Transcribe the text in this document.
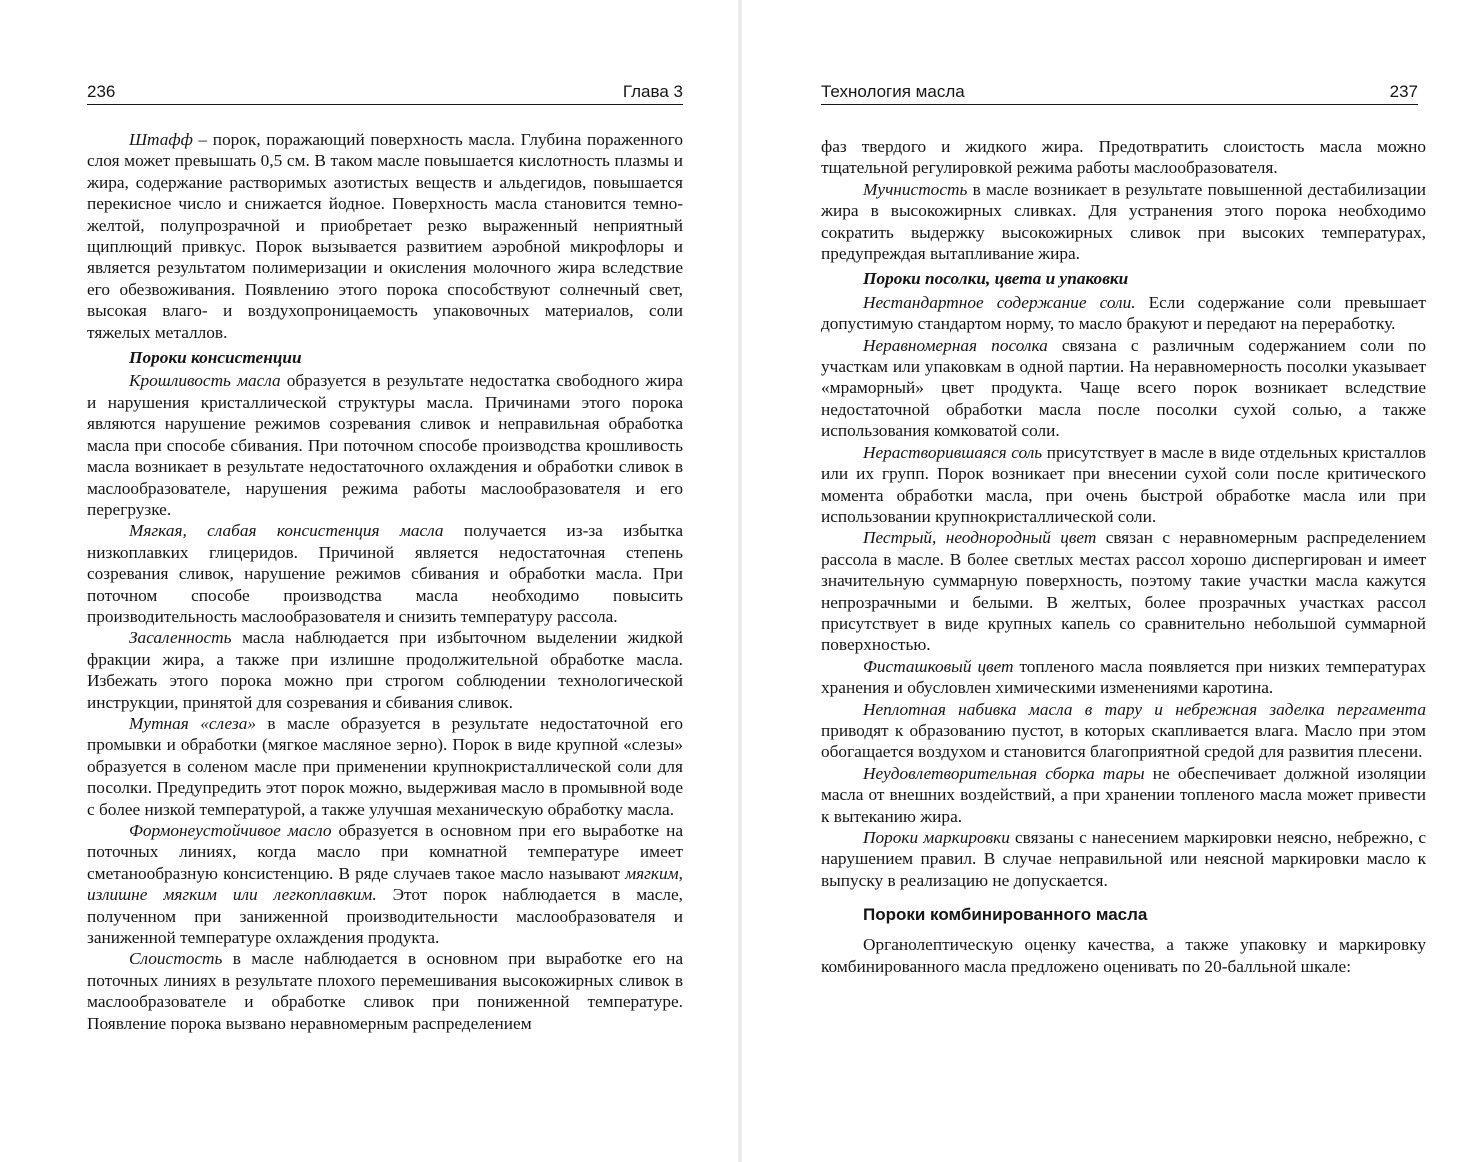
236	Глава 3

Штафф – порок, поражающий поверхность масла. Глубина пораженного слоя может превышать 0,5 см. В таком масле повышается кислотность плазмы и жира, содержание растворимых азотистых веществ и альдегидов, повышается перекисное число и снижается йодное. Поверхность масла становится темно-желтой, полупрозрачной и приобретает резко выраженный неприятный щиплющий привкус. Порок вызывается развитием аэробной микрофлоры и является результатом полимеризации и окисления молочного жира вследствие его обезвоживания. Появлению этого порока способствуют солнечный свет, высокая влаго- и воздухопроницаемость упаковочных материалов, соли тяжелых металлов.

Пороки консистенции

Крошливость масла образуется в результате недостатка свободного жира и нарушения кристаллической структуры масла. Причинами этого порока являются нарушение режимов созревания сливок и неправильная обработка масла при способе сбивания. При поточном способе производства крошливость масла возникает в результате недостаточного охлаждения и обработки сливок в маслообразователе, нарушения режима работы маслообразователя и его перегрузке.

Мягкая, слабая консистенция масла получается из-за избытка низкоплавких глицеридов. Причиной является недостаточная степень созревания сливок, нарушение режимов сбивания и обработки масла. При поточном способе производства масла необходимо повысить производительность маслообразователя и снизить температуру рассола.

Засаленность масла наблюдается при избыточном выделении жидкой фракции жира, а также при излишне продолжительной обработке масла. Избежать этого порока можно при строгом соблюдении технологической инструкции, принятой для созревания и сбивания сливок.

Мутная «слеза» в масле образуется в результате недостаточной его промывки и обработки (мягкое масляное зерно). Порок в виде крупной «слезы» образуется в соленом масле при применении крупнокристаллической соли для посолки. Предупредить этот порок можно, выдерживая масло в промывной воде с более низкой температурой, а также улучшая механическую обработку масла.

Формонеустойчивое масло образуется в основном при его выработке на поточных линиях, когда масло при комнатной температуре имеет сметанообразную консистенцию. В ряде случаев такое масло называют мягким, излишне мягким или легкоплавким. Этот порок наблюдается в масле, полученном при заниженной производительности маслообразователя и заниженной температуре охлаждения продукта.

Слоистость в масле наблюдается в основном при выработке его на поточных линиях в результате плохого перемешивания высокожирных сливок в маслообразователе и обработке сливок при пониженной температуре. Появление порока вызвано неравномерным распределением

Технология масла	237

фаз твердого и жидкого жира. Предотвратить слоистость масла можно тщательной регулировкой режима работы маслообразователя.

Мучнистость в масле возникает в результате повышенной дестабилизации жира в высокожирных сливках. Для устранения этого порока необходимо сократить выдержку высокожирных сливок при высоких температурах, предупреждая вытапливание жира.

Пороки посолки, цвета и упаковки

Нестандартное содержание соли. Если содержание соли превышает допустимую стандартом норму, то масло бракуют и передают на переработку.

Неравномерная посолка связана с различным содержанием соли по участкам или упаковкам в одной партии. На неравномерность посолки указывает «мраморный» цвет продукта. Чаще всего порок возникает вследствие недостаточной обработки масла после посолки сухой солью, а также использования комковатой соли.

Нерастворившаяся соль присутствует в масле в виде отдельных кристаллов или их групп. Порок возникает при внесении сухой соли после критического момента обработки масла, при очень быстрой обработке масла или при использовании крупнокристаллической соли.

Пестрый, неоднородный цвет связан с неравномерным распределением рассола в масле. В более светлых местах рассол хорошо диспергирован и имеет значительную суммарную поверхность, поэтому такие участки масла кажутся непрозрачными и белыми. В желтых, более прозрачных участках рассол присутствует в виде крупных капель со сравнительно небольшой суммарной поверхностью.

Фисташковый цвет топленого масла появляется при низких температурах хранения и обусловлен химическими изменениями каротина.

Неплотная набивка масла в тару и небрежная заделка пергамента приводят к образованию пустот, в которых скапливается влага. Масло при этом обогащается воздухом и становится благоприятной средой для развития плесени.

Неудовлетворительная сборка тары не обеспечивает должной изоляции масла от внешних воздействий, а при хранении топленого масла может привести к вытеканию жира.

Пороки маркировки связаны с нанесением маркировки неясно, небрежно, с нарушением правил. В случае неправильной или неясной маркировки масло к выпуску в реализацию не допускается.

Пороки комбинированного масла

Органолептическую оценку качества, а также упаковку и маркировку комбинированного масла предложено оценивать по 20-балльной шкале:
